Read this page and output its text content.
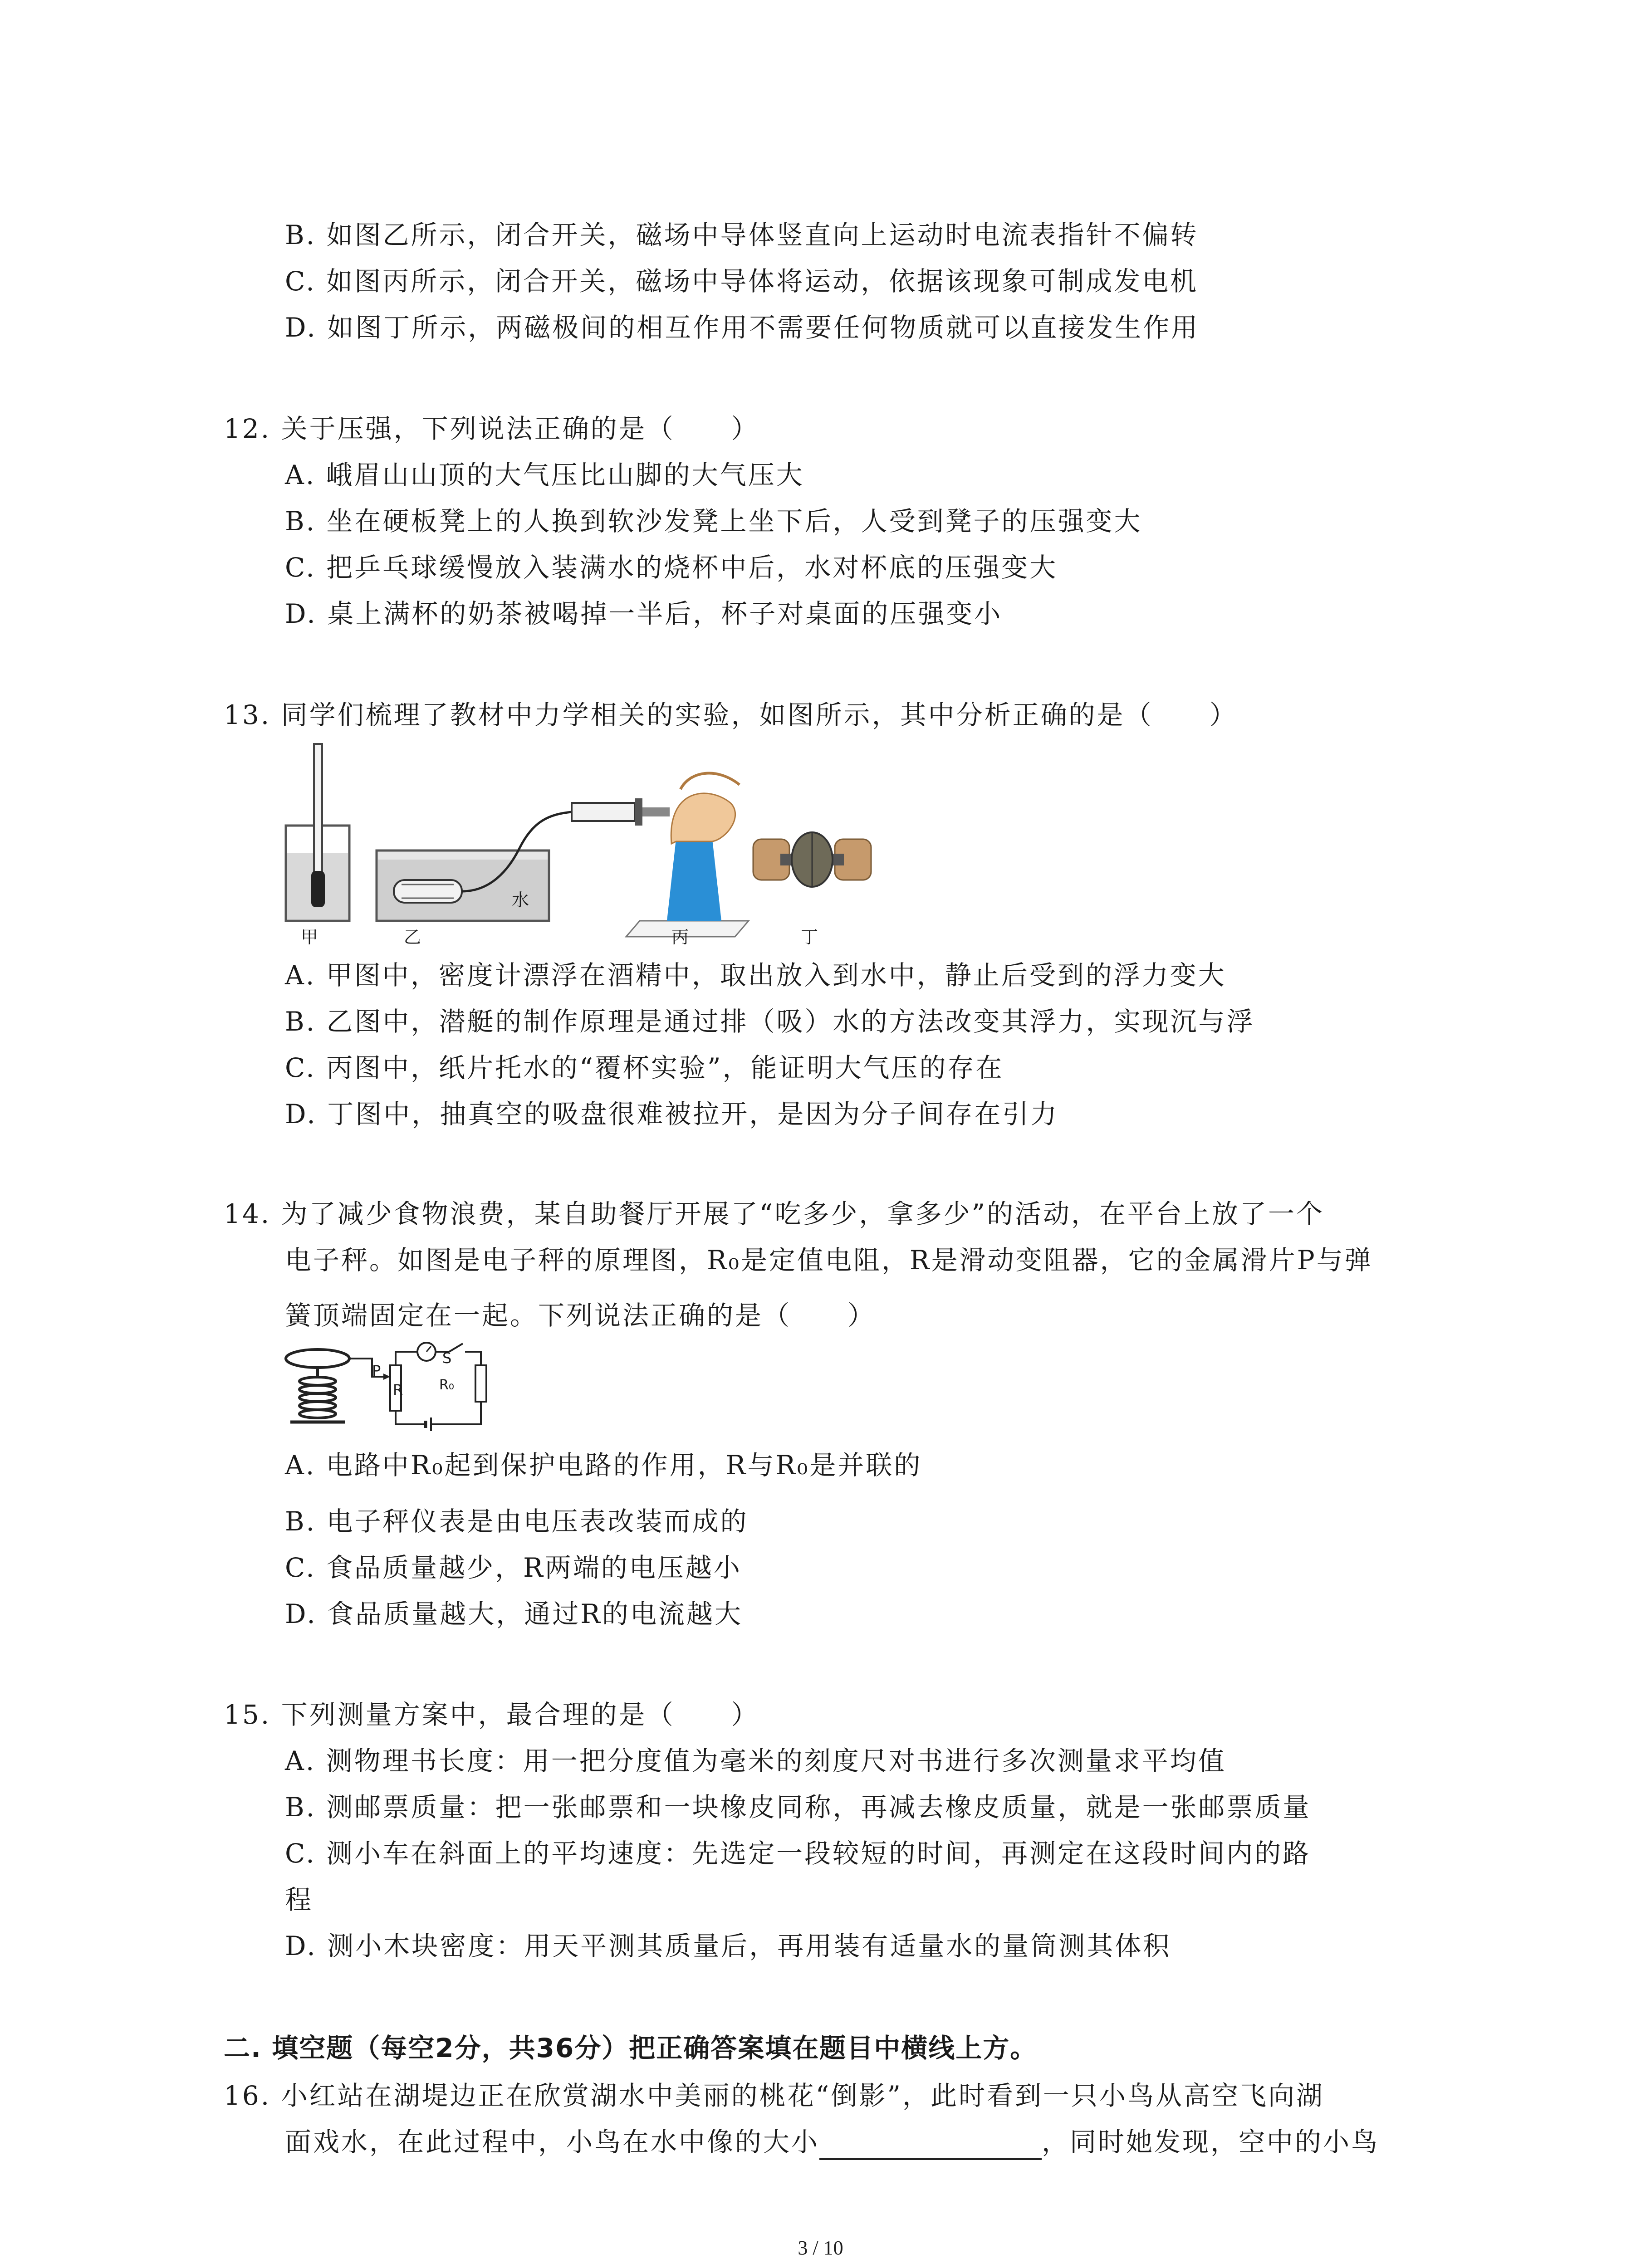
B. 如图乙所示，闭合开关，磁场中导体竖直向上运动时电流表指针不偏转
C. 如图丙所示，闭合开关，磁场中导体将运动，依据该现象可制成发电机
D. 如图丁所示，两磁极间的相互作用不需要任何物质就可以直接发生作用
12. 关于压强，下列说法正确的是（　　）
A. 峨眉山山顶的大气压比山脚的大气压大
B. 坐在硬板凳上的人换到软沙发凳上坐下后，人受到凳子的压强变大
C. 把乒乓球缓慢放入装满水的烧杯中后，水对杯底的压强变大
D. 桌上满杯的奶茶被喝掉一半后，杯子对桌面的压强变小
13. 同学们梳理了教材中力学相关的实验，如图所示，其中分析正确的是（　　）
甲	乙
水
丙	丁
A. 甲图中，密度计漂浮在酒精中，取出放入到水中，静止后受到的浮力变大
B. 乙图中，潜艇的制作原理是通过排（吸）水的方法改变其浮力，实现沉与浮
C. 丙图中，纸片托水的“覆杯实验”，能证明大气压的存在
D. 丁图中，抽真空的吸盘很难被拉开，是因为分子间存在引力
14. 为了减少食物浪费，某自助餐厅开展了“吃多少，拿多少”的活动，在平台上放了一个
电子秤。如图是电子秤的原理图，R₀是定值电阻，R是滑动变阻器，它的金属滑片P与弹
簧顶端固定在一起。下列说法正确的是（　　）
P
R
S
R₀
A. 电路中R₀起到保护电路的作用，R与R₀是并联的
B. 电子秤仪表是由电压表改装而成的
C. 食品质量越少，R两端的电压越小
D. 食品质量越大，通过R的电流越大
15. 下列测量方案中，最合理的是（　　）
A. 测物理书长度：用一把分度值为毫米的刻度尺对书进行多次测量求平均值
B. 测邮票质量：把一张邮票和一块橡皮同称，再减去橡皮质量，就是一张邮票质量
C. 测小车在斜面上的平均速度：先选定一段较短的时间，再测定在这段时间内的路
程
D. 测小木块密度：用天平测其质量后，再用装有适量水的量筒测其体积
二. 填空题（每空2分，共36分）把正确答案填在题目中横线上方。
16. 小红站在湖堤边正在欣赏湖水中美丽的桃花“倒影”，此时看到一只小鸟从高空飞向湖
面戏水，在此过程中，小鸟在水中像的大小	，同时她发现，空中的小鸟
3 / 10
